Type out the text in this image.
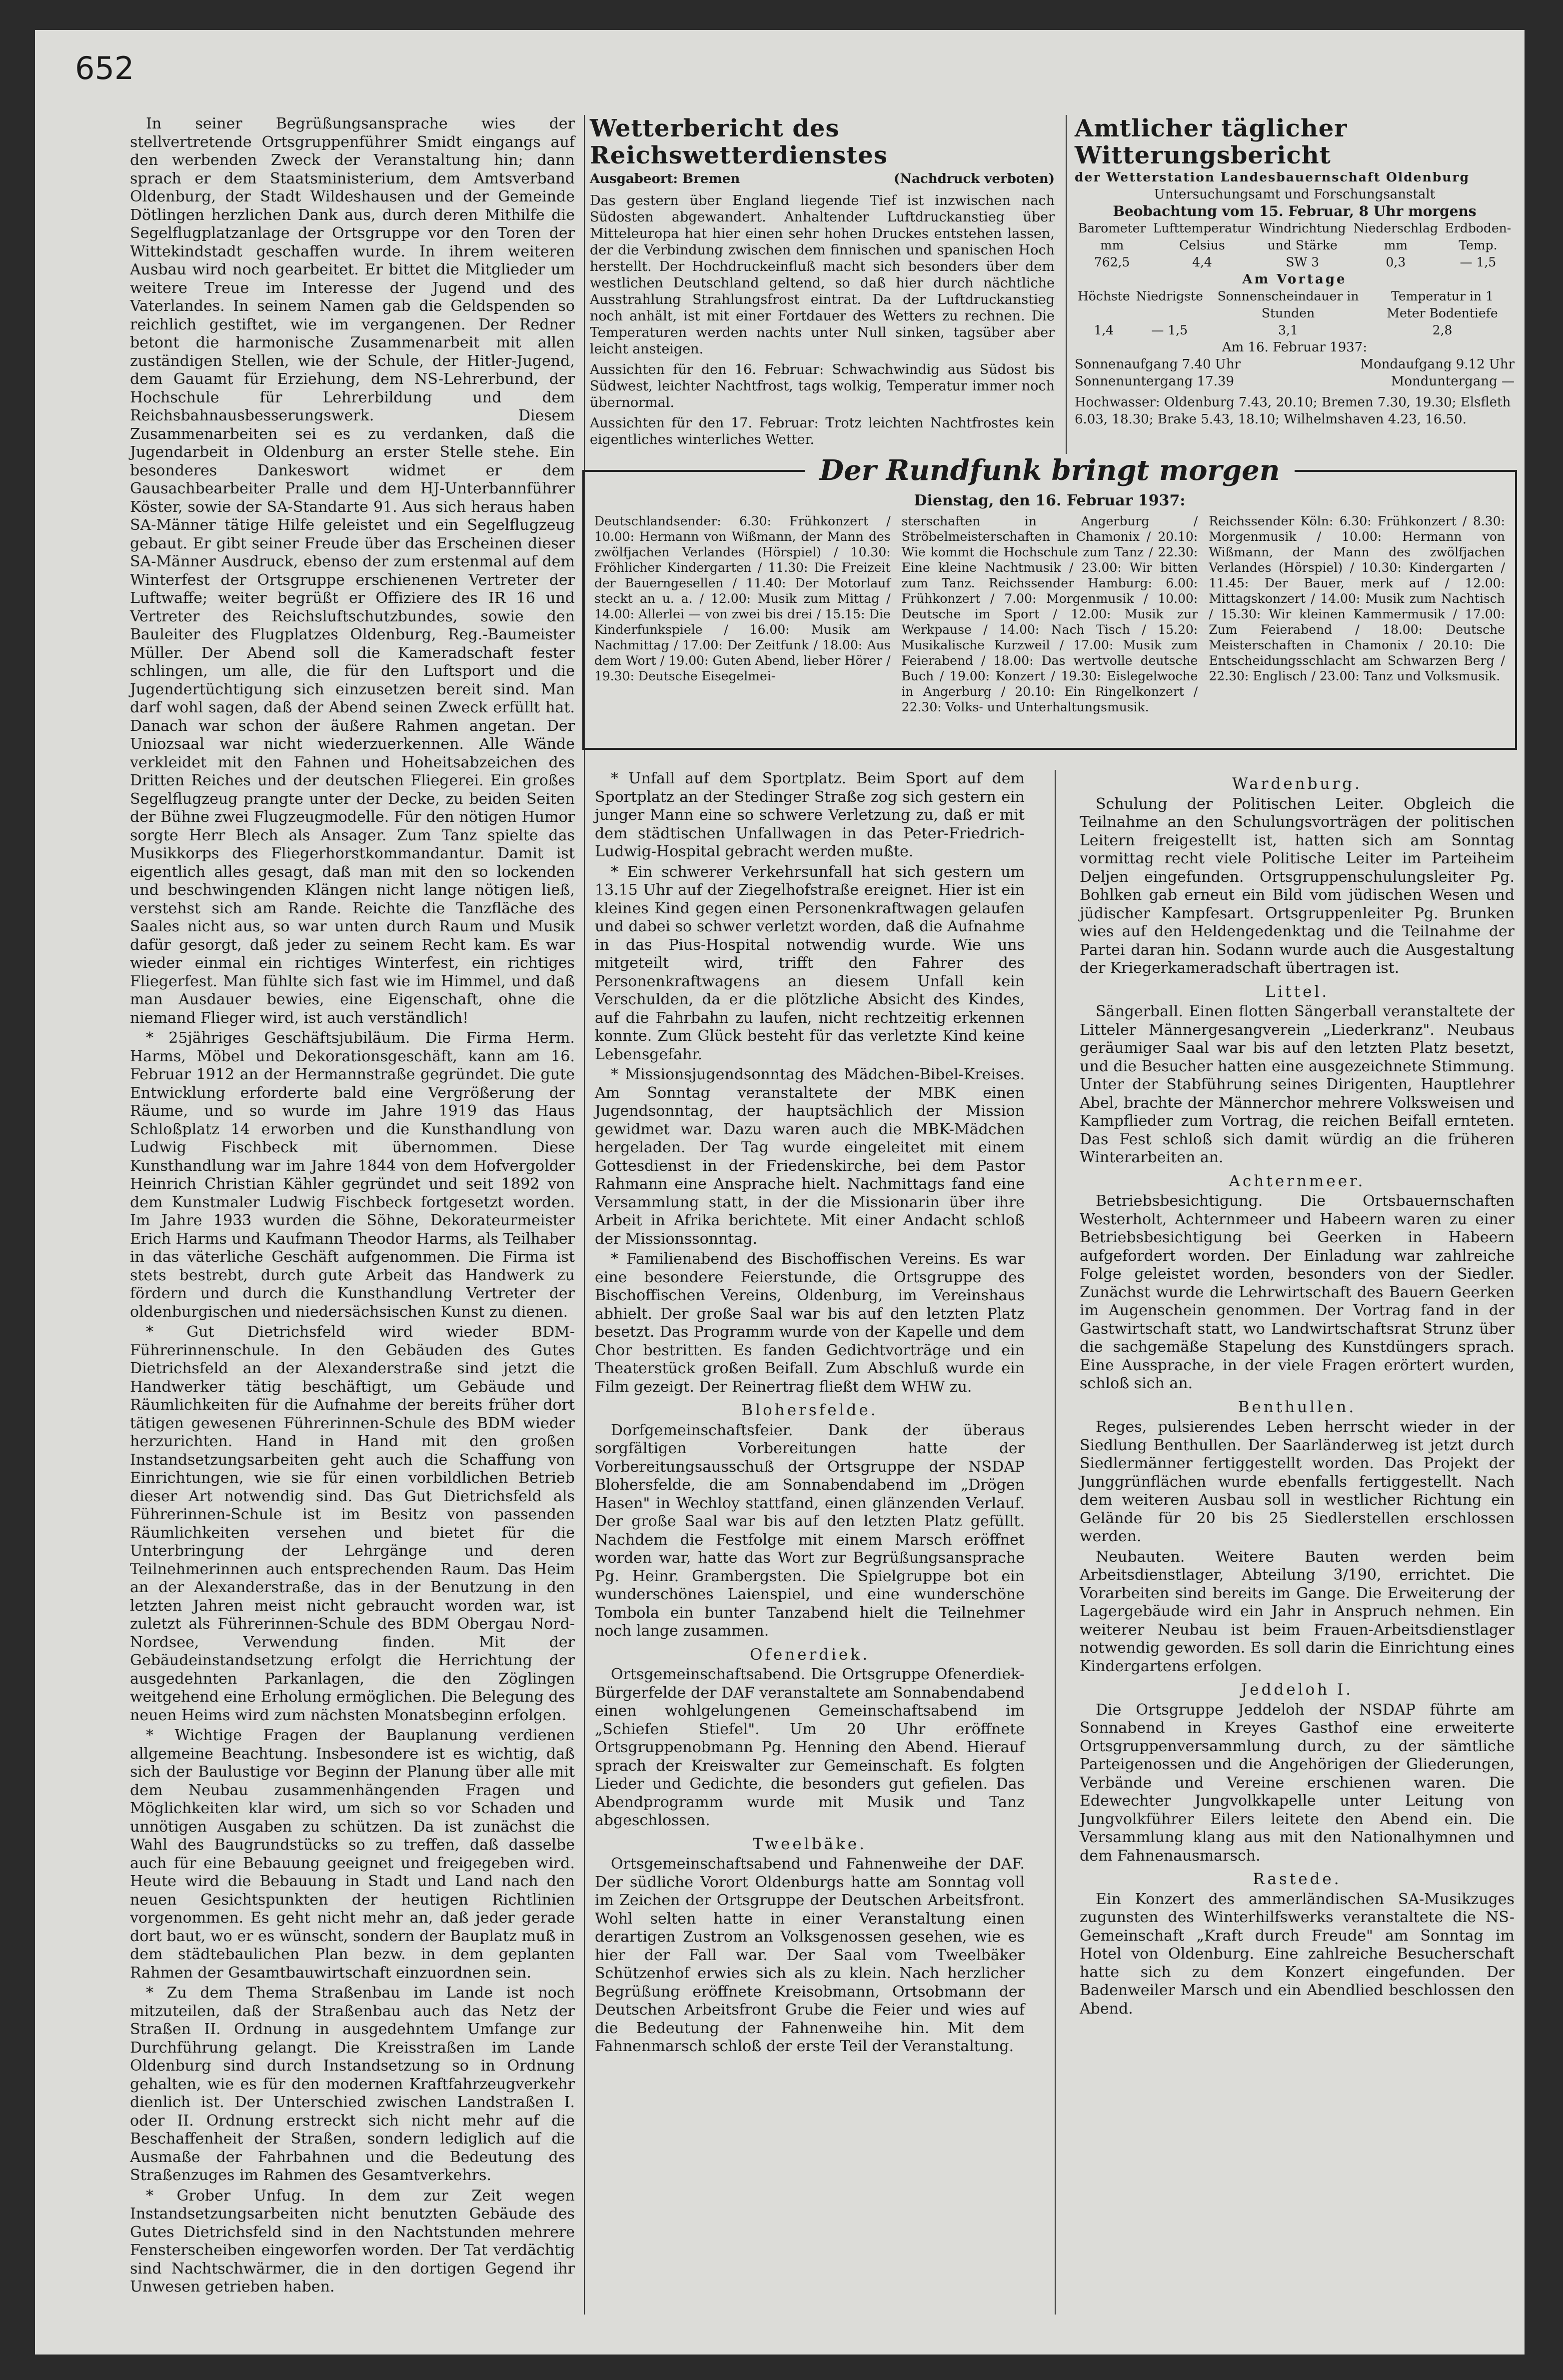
652

In seiner Begrüßungsansprache wies der stellvertretende Ortsgruppenführer Smidt eingangs auf den werbenden Zweck der Veranstaltung hin; dann sprach er dem Staatsministerium, dem Amtsverband Oldenburg, der Stadt Wildeshausen und der Gemeinde Dötlingen herzlichen Dank aus, durch deren Mithilfe die Segelflugplatzanlage der Ortsgruppe vor den Toren der Wittekindstadt geschaffen wurde. In ihrem weiteren Ausbau wird noch gearbeitet. Er bittet die Mitglieder um weitere Treue im Interesse der Jugend und des Vaterlandes. In seinem Namen gab die Geldspenden so reichlich gestiftet, wie im vergangenen. Der Redner betont die harmonische Zusammenarbeit mit allen zuständigen Stellen, wie der Schule, der Hitler-Jugend, dem Gauamt für Erziehung, dem NS-Lehrerbund, der Hochschule für Lehrerbildung und dem Reichsbahnausbesserungswerk. Diesem Zusammenarbeiten sei es zu verdanken, daß die Jugendarbeit in Oldenburg an erster Stelle stehe. Ein besonderes Dankeswort widmet er dem Gausachbearbeiter Pralle und dem HJ-Unterbannführer Köster, sowie der SA-Standarte 91. Aus sich heraus haben SA-Männer tätige Hilfe geleistet und ein Segelflugzeug gebaut. Er gibt seiner Freude über das Erscheinen dieser SA-Männer Ausdruck, ebenso der zum erstenmal auf dem Winterfest der Ortsgruppe erschienenen Vertreter der Luftwaffe; weiter begrüßt er Offiziere des IR 16 und Vertreter des Reichsluftschutzbundes, sowie den Bauleiter des Flugplatzes Oldenburg, Reg.-Baumeister Müller. Der Abend soll die Kameradschaft fester schlingen, um alle, die für den Luftsport und die Jugendertüchtigung sich einzusetzen bereit sind. Man darf wohl sagen, daß der Abend seinen Zweck erfüllt hat. Danach war schon der äußere Rahmen angetan. Der Uniozsaal war nicht wiederzuerkennen. Alle Wände verkleidet mit den Fahnen und Hoheitsabzeichen des Dritten Reiches und der deutschen Fliegerei. Ein großes Segelflugzeug prangte unter der Decke, zu beiden Seiten der Bühne zwei Flugzeugmodelle. Für den nötigen Humor sorgte Herr Blech als Ansager. Zum Tanz spielte das Musikkorps des Fliegerhorstkommandantur. Damit ist eigentlich alles gesagt, daß man mit den so lockenden und beschwingenden Klängen nicht lange nötigen ließ, verstehst sich am Rande. Reichte die Tanzfläche des Saales nicht aus, so war unten durch Raum und Musik dafür gesorgt, daß jeder zu seinem Recht kam. Es war wieder einmal ein richtiges Winterfest, ein richtiges Fliegerfest. Man fühlte sich fast wie im Himmel, und daß man Ausdauer bewies, eine Eigenschaft, ohne die niemand Flieger wird, ist auch verständlich!

* 25jähriges Geschäftsjubiläum. Die Firma Herm. Harms, Möbel und Dekorationsgeschäft, kann am 16. Februar 1912 an der Hermannstraße gegründet. Die gute Entwicklung erforderte bald eine Vergrößerung der Räume, und so wurde im Jahre 1919 das Haus Schloßplatz 14 erworben und die Kunsthandlung von Ludwig Fischbeck mit übernommen. Diese Kunsthandlung war im Jahre 1844 von dem Hofvergolder Heinrich Christian Kähler gegründet und seit 1892 von dem Kunstmaler Ludwig Fischbeck fortgesetzt worden. Im Jahre 1933 wurden die Söhne, Dekorateurmeister Erich Harms und Kaufmann Theodor Harms, als Teilhaber in das väterliche Geschäft aufgenommen. Die Firma ist stets bestrebt, durch gute Arbeit das Handwerk zu fördern und durch die Kunsthandlung Vertreter der oldenburgischen und niedersächsischen Kunst zu dienen.

* Gut Dietrichsfeld wird wieder BDM-Führerinnenschule. In den Gebäuden des Gutes Dietrichsfeld an der Alexanderstraße sind jetzt die Handwerker tätig beschäftigt, um Gebäude und Räumlichkeiten für die Aufnahme der bereits früher dort tätigen gewesenen Führerinnen-Schule des BDM wieder herzurichten. Hand in Hand mit den großen Instandsetzungsarbeiten geht auch die Schaffung von Einrichtungen, wie sie für einen vorbildlichen Betrieb dieser Art notwendig sind. Das Gut Dietrichsfeld als Führerinnen-Schule ist im Besitz von passenden Räumlichkeiten versehen und bietet für die Unterbringung der Lehrgänge und deren Teilnehmerinnen auch entsprechenden Raum. Das Heim an der Alexanderstraße, das in der Benutzung in den letzten Jahren meist nicht gebraucht worden war, ist zuletzt als Führerinnen-Schule des BDM Obergau Nord-Nordsee, Verwendung finden. Mit der Gebäudeinstandsetzung erfolgt die Herrichtung der ausgedehnten Parkanlagen, die den Zöglingen weitgehend eine Erholung ermöglichen. Die Belegung des neuen Heims wird zum nächsten Monatsbeginn erfolgen.

* Wichtige Fragen der Bauplanung verdienen allgemeine Beachtung. Insbesondere ist es wichtig, daß sich der Baulustige vor Beginn der Planung über alle mit dem Neubau zusammenhängenden Fragen und Möglichkeiten klar wird, um sich so vor Schaden und unnötigen Ausgaben zu schützen. Da ist zunächst die Wahl des Baugrundstücks so zu treffen, daß dasselbe auch für eine Bebauung geeignet und freigegeben wird. Heute wird die Bebauung in Stadt und Land nach den neuen Gesichtspunkten der heutigen Richtlinien vorgenommen. Es geht nicht mehr an, daß jeder gerade dort baut, wo er es wünscht, sondern der Bauplatz muß in dem städtebaulichen Plan bezw. in dem geplanten Rahmen der Gesamtbauwirtschaft einzuordnen sein.

* Zu dem Thema Straßenbau im Lande ist noch mitzuteilen, daß der Straßenbau auch das Netz der Straßen II. Ordnung in ausgedehntem Umfange zur Durchführung gelangt. Die Kreisstraßen im Lande Oldenburg sind durch Instandsetzung so in Ordnung gehalten, wie es für den modernen Kraftfahrzeugverkehr dienlich ist. Der Unterschied zwischen Landstraßen I. oder II. Ordnung erstreckt sich nicht mehr auf die Beschaffenheit der Straßen, sondern lediglich auf die Ausmaße der Fahrbahnen und die Bedeutung des Straßenzuges im Rahmen des Gesamtverkehrs.

* Grober Unfug. In dem zur Zeit wegen Instandsetzungsarbeiten nicht benutzten Gebäude des Gutes Dietrichsfeld sind in den Nachtstunden mehrere Fensterscheiben eingeworfen worden. Der Tat verdächtig sind Nachtschwärmer, die in den dortigen Gegend ihr Unwesen getrieben haben.

Wetterbericht des Reichswetterdienstes
Ausgabeort: Bremen	(Nachdruck verboten)

Das gestern über England liegende Tief ist inzwischen nach Südosten abgewandert. Anhaltender Luftdruckanstieg über Mitteleuropa hat hier einen sehr hohen Druckes entstehen lassen, der die Verbindung zwischen dem finnischen und spanischen Hoch herstellt. Der Hochdruckeinfluß macht sich besonders über dem westlichen Deutschland geltend, so daß hier durch nächtliche Ausstrahlung Strahlungsfrost eintrat. Da der Luftdruckanstieg noch anhält, ist mit einer Fortdauer des Wetters zu rechnen. Die Temperaturen werden nachts unter Null sinken, tagsüber aber leicht ansteigen.

Aussichten für den 16. Februar: Schwachwindig aus Südost bis Südwest, leichter Nachtfrost, tags wolkig, Temperatur immer noch übernormal.

Aussichten für den 17. Februar: Trotz leichten Nachtfrostes kein eigentliches winterliches Wetter.

Amtlicher täglicher Witterungsbericht
der Wetterstation Landesbauernschaft Oldenburg
Untersuchungsamt und Forschungsanstalt
Beobachtung vom 15. Februar, 8 Uhr morgens
Barometer mm	Lufttemperatur Celsius	Windrichtung und Stärke	Niederschlag mm	Erdboden-Temp.
762,5	4,4	SW 3	0,3	— 1,5
Am Vortage
Höchste	Niedrigste	Sonnenscheindauer in Stunden	Temperatur in 1 Meter Bodentiefe
1,4	— 1,5	3,1	2,8
Am 16. Februar 1937:
Sonnenaufgang 7.40 Uhr	Mondaufgang 9.12 Uhr
Sonnenuntergang 17.39	Monduntergang —
Hochwasser: Oldenburg 7.43, 20.10; Bremen 7.30, 19.30; Elsfleth 6.03, 18.30; Brake 5.43, 18.10; Wilhelmshaven 4.23, 16.50.
Der Rundfunk bringt morgen
Dienstag, den 16. Februar 1937:
Deutschlandsender: 6.30: Frühkonzert / 10.00: Hermann von Wißmann, der Mann des zwölfjachen Verlandes (Hörspiel) / 10.30: Fröhlicher Kindergarten / 11.30: Die Freizeit der Bauerngesellen / 11.40: Der Motorlauf steckt an u. a. / 12.00: Musik zum Mittag / 14.00: Allerlei — von zwei bis drei / 15.15: Die Kinderfunkspiele / 16.00: Musik am Nachmittag / 17.00: Der Zeitfunk / 18.00: Aus dem Wort / 19.00: Guten Abend, lieber Hörer / 19.30: Deutsche Eisegelmei-
sterschaften in Angerburg / Ströbelmeisterschaften in Chamonix / 20.10: Wie kommt die Hochschule zum Tanz / 22.30: Eine kleine Nachtmusik / 23.00: Wir bitten zum Tanz. Reichssender Hamburg: 6.00: Frühkonzert / 7.00: Morgenmusik / 10.00: Deutsche im Sport / 12.00: Musik zur Werkpause / 14.00: Nach Tisch / 15.20: Musikalische Kurzweil / 17.00: Musik zum Feierabend / 18.00: Das wertvolle deutsche Buch / 19.00: Konzert / 19.30: Eislegelwoche in Angerburg / 20.10: Ein Ringelkonzert / 22.30: Volks- und Unterhaltungsmusik.
Reichssender Köln: 6.30: Frühkonzert / 8.30: Morgenmusik / 10.00: Hermann von Wißmann, der Mann des zwölfjachen Verlandes (Hörspiel) / 10.30: Kindergarten / 11.45: Der Bauer, merk auf / 12.00: Mittagskonzert / 14.00: Musik zum Nachtisch / 15.30: Wir kleinen Kammermusik / 17.00: Zum Feierabend / 18.00: Deutsche Meisterschaften in Chamonix / 20.10: Die Entscheidungsschlacht am Schwarzen Berg / 22.30: Englisch / 23.00: Tanz und Volksmusik.

* Unfall auf dem Sportplatz. Beim Sport auf dem Sportplatz an der Stedinger Straße zog sich gestern ein junger Mann eine so schwere Verletzung zu, daß er mit dem städtischen Unfallwagen in das Peter-Friedrich-Ludwig-Hospital gebracht werden mußte.

* Ein schwerer Verkehrsunfall hat sich gestern um 13.15 Uhr auf der Ziegelhofstraße ereignet. Hier ist ein kleines Kind gegen einen Personenkraftwagen gelaufen und dabei so schwer verletzt worden, daß die Aufnahme in das Pius-Hospital notwendig wurde. Wie uns mitgeteilt wird, trifft den Fahrer des Personenkraftwagens an diesem Unfall kein Verschulden, da er die plötzliche Absicht des Kindes, auf die Fahrbahn zu laufen, nicht rechtzeitig erkennen konnte. Zum Glück besteht für das verletzte Kind keine Lebensgefahr.

* Missionsjugendsonntag des Mädchen-Bibel-Kreises. Am Sonntag veranstaltete der MBK einen Jugendsonntag, der hauptsächlich der Mission gewidmet war. Dazu waren auch die MBK-Mädchen hergeladen. Der Tag wurde eingeleitet mit einem Gottesdienst in der Friedenskirche, bei dem Pastor Rahmann eine Ansprache hielt. Nachmittags fand eine Versammlung statt, in der die Missionarin über ihre Arbeit in Afrika berichtete. Mit einer Andacht schloß der Missionssonntag.

* Familienabend des Bischoffischen Vereins. Es war eine besondere Feierstunde, die Ortsgruppe des Bischoffischen Vereins, Oldenburg, im Vereinshaus abhielt. Der große Saal war bis auf den letzten Platz besetzt. Das Programm wurde von der Kapelle und dem Chor bestritten. Es fanden Gedichtvorträge und ein Theaterstück großen Beifall. Zum Abschluß wurde ein Film gezeigt. Der Reinertrag fließt dem WHW zu.

Blohersfelde.

Dorfgemeinschaftsfeier. Dank der überaus sorgfältigen Vorbereitungen hatte der Vorbereitungsausschuß der Ortsgruppe der NSDAP Blohersfelde, die am Sonnabendabend im „Drögen Hasen" in Wechloy stattfand, einen glänzenden Verlauf. Der große Saal war bis auf den letzten Platz gefüllt. Nachdem die Festfolge mit einem Marsch eröffnet worden war, hatte das Wort zur Begrüßungsansprache Pg. Heinr. Grambergsten. Die Spielgruppe bot ein wunderschönes Laienspiel, und eine wunderschöne Tombola ein bunter Tanzabend hielt die Teilnehmer noch lange zusammen.

Ofenerdiek.

Ortsgemeinschaftsabend. Die Ortsgruppe Ofenerdiek-Bürgerfelde der DAF veranstaltete am Sonnabendabend einen wohlgelungenen Gemeinschaftsabend im „Schiefen Stiefel". Um 20 Uhr eröffnete Ortsgruppenobmann Pg. Henning den Abend. Hierauf sprach der Kreiswalter zur Gemeinschaft. Es folgten Lieder und Gedichte, die besonders gut gefielen. Das Abendprogramm wurde mit Musik und Tanz abgeschlossen.

Tweelbäke.

Ortsgemeinschaftsabend und Fahnenweihe der DAF. Der südliche Vorort Oldenburgs hatte am Sonntag voll im Zeichen der Ortsgruppe der Deutschen Arbeitsfront. Wohl selten hatte in einer Veranstaltung einen derartigen Zustrom an Volksgenossen gesehen, wie es hier der Fall war. Der Saal vom Tweelbäker Schützenhof erwies sich als zu klein. Nach herzlicher Begrüßung eröffnete Kreisobmann, Ortsobmann der Deutschen Arbeitsfront Grube die Feier und wies auf die Bedeutung der Fahnenweihe hin. Mit dem Fahnenmarsch schloß der erste Teil der Veranstaltung.

Wardenburg.

Schulung der Politischen Leiter. Obgleich die Teilnahme an den Schulungsvorträgen der politischen Leitern freigestellt ist, hatten sich am Sonntag vormittag recht viele Politische Leiter im Parteiheim Deljen eingefunden. Ortsgruppenschulungsleiter Pg. Bohlken gab erneut ein Bild vom jüdischen Wesen und jüdischer Kampfesart. Ortsgruppenleiter Pg. Brunken wies auf den Heldengedenktag und die Teilnahme der Partei daran hin. Sodann wurde auch die Ausgestaltung der Kriegerkameradschaft übertragen ist.

Littel.

Sängerball. Einen flotten Sängerball veranstaltete der Litteler Männergesangverein „Liederkranz". Neubaus geräumiger Saal war bis auf den letzten Platz besetzt, und die Besucher hatten eine ausgezeichnete Stimmung. Unter der Stabführung seines Dirigenten, Hauptlehrer Abel, brachte der Männerchor mehrere Volksweisen und Kampflieder zum Vortrag, die reichen Beifall ernteten. Das Fest schloß sich damit würdig an die früheren Winterarbeiten an.

Achternmeer.

Betriebsbesichtigung. Die Ortsbauernschaften Westerholt, Achternmeer und Habeern waren zu einer Betriebsbesichtigung bei Geerken in Habeern aufgefordert worden. Der Einladung war zahlreiche Folge geleistet worden, besonders von der Siedler. Zunächst wurde die Lehrwirtschaft des Bauern Geerken im Augenschein genommen. Der Vortrag fand in der Gastwirtschaft statt, wo Landwirtschaftsrat Strunz über die sachgemäße Stapelung des Kunstdüngers sprach. Eine Aussprache, in der viele Fragen erörtert wurden, schloß sich an.

Benthullen.

Reges, pulsierendes Leben herrscht wieder in der Siedlung Benthullen. Der Saarländerweg ist jetzt durch Siedlermänner fertiggestellt worden. Das Projekt der Junggrünflächen wurde ebenfalls fertiggestellt. Nach dem weiteren Ausbau soll in westlicher Richtung ein Gelände für 20 bis 25 Siedlerstellen erschlossen werden.

Neubauten. Weitere Bauten werden beim Arbeitsdienstlager, Abteilung 3/190, errichtet. Die Vorarbeiten sind bereits im Gange. Die Erweiterung der Lagergebäude wird ein Jahr in Anspruch nehmen. Ein weiterer Neubau ist beim Frauen-Arbeitsdienstlager notwendig geworden. Es soll darin die Einrichtung eines Kindergartens erfolgen.

Jeddeloh I.

Die Ortsgruppe Jeddeloh der NSDAP führte am Sonnabend in Kreyes Gasthof eine erweiterte Ortsgruppenversammlung durch, zu der sämtliche Parteigenossen und die Angehörigen der Gliederungen, Verbände und Vereine erschienen waren. Die Edewechter Jungvolkkapelle unter Leitung von Jungvolkführer Eilers leitete den Abend ein. Die Versammlung klang aus mit den Nationalhymnen und dem Fahnenausmarsch.

Rastede.

Ein Konzert des ammerländischen SA-Musikzuges zugunsten des Winterhilfswerks veranstaltete die NS-Gemeinschaft „Kraft durch Freude" am Sonntag im Hotel von Oldenburg. Eine zahlreiche Besucherschaft hatte sich zu dem Konzert eingefunden. Der Badenweiler Marsch und ein Abendlied beschlossen den Abend.
